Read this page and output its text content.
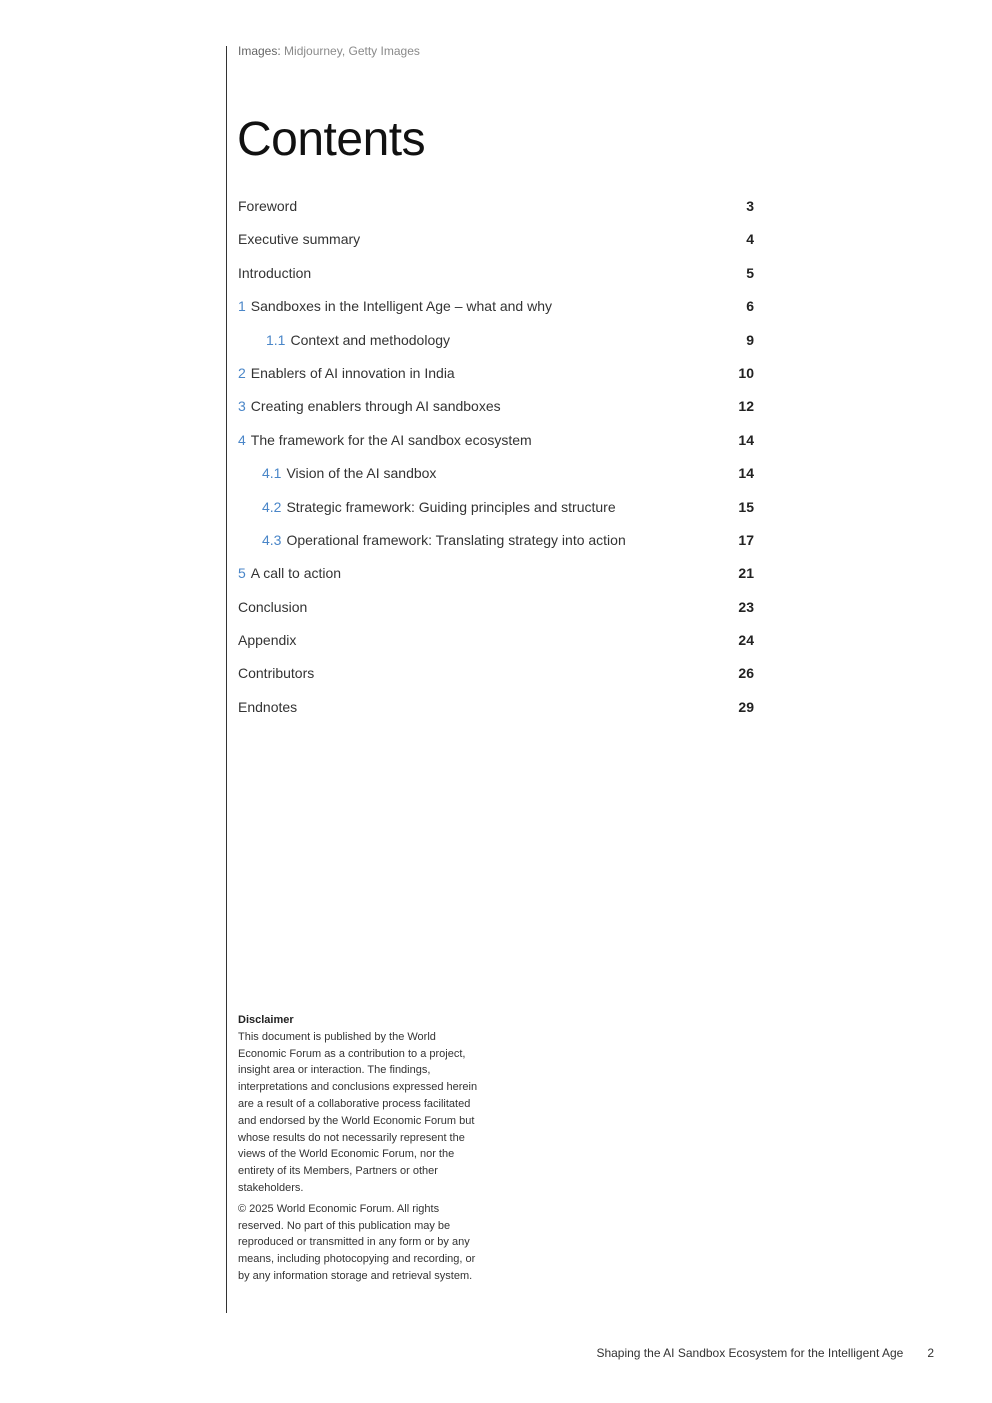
Images: Midjourney, Getty Images
Contents
Foreword	3
Executive summary	4
Introduction	5
1 Sandboxes in the Intelligent Age – what and why	6
1.1 Context and methodology	9
2 Enablers of AI innovation in India	10
3 Creating enablers through AI sandboxes	12
4 The framework for the AI sandbox ecosystem	14
4.1 Vision of the AI sandbox	14
4.2 Strategic framework: Guiding principles and structure	15
4.3 Operational framework: Translating strategy into action	17
5 A call to action	21
Conclusion	23
Appendix	24
Contributors	26
Endnotes	29

Disclaimer

This document is published by the World Economic Forum as a contribution to a project, insight area or interaction. The findings, interpretations and conclusions expressed herein are a result of a collaborative process facilitated and endorsed by the World Economic Forum but whose results do not necessarily represent the views of the World Economic Forum, nor the entirety of its Members, Partners or other stakeholders.

© 2025 World Economic Forum. All rights reserved. No part of this publication may be reproduced or transmitted in any form or by any means, including photocopying and recording, or by any information storage and retrieval system.

Shaping the AI Sandbox Ecosystem for the Intelligent Age 2
